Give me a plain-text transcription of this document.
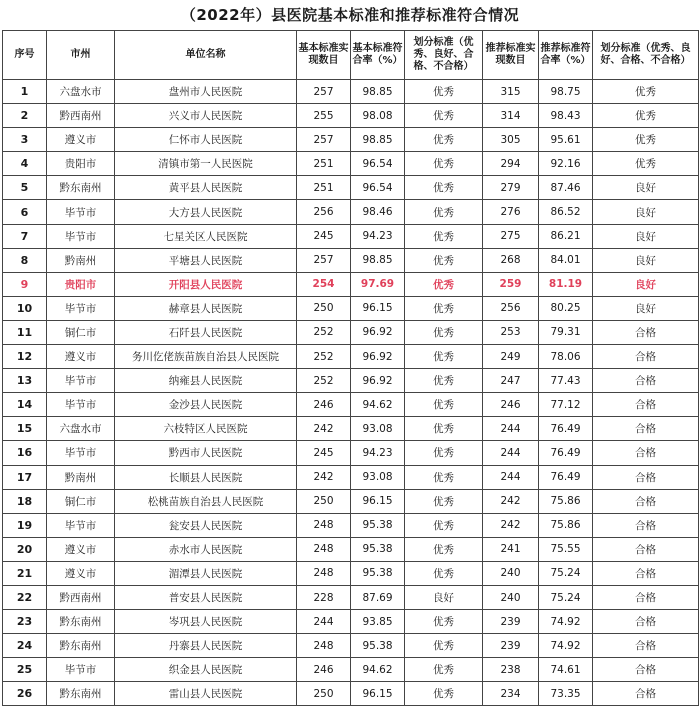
（2022年）县医院基本标准和推荐标准符合情况
序号	市州	单位名称	基本标准实现数目	基本标准符合率（%）	划分标准（优秀、良好、合格、不合格）	推荐标准实现数目	推荐标准符合率（%）	划分标准（优秀、良好、合格、不合格）
1	六盘水市	盘州市人民医院	257	98.85	优秀	315	98.75	优秀
2	黔西南州	兴义市人民医院	255	98.08	优秀	314	98.43	优秀
3	遵义市	仁怀市人民医院	257	98.85	优秀	305	95.61	优秀
4	贵阳市	清镇市第一人民医院	251	96.54	优秀	294	92.16	优秀
5	黔东南州	黄平县人民医院	251	96.54	优秀	279	87.46	良好
6	毕节市	大方县人民医院	256	98.46	优秀	276	86.52	良好
7	毕节市	七星关区人民医院	245	94.23	优秀	275	86.21	良好
8	黔南州	平塘县人民医院	257	98.85	优秀	268	84.01	良好
9	贵阳市	开阳县人民医院	254	97.69	优秀	259	81.19	良好
10	毕节市	赫章县人民医院	250	96.15	优秀	256	80.25	良好
11	铜仁市	石阡县人民医院	252	96.92	优秀	253	79.31	合格
12	遵义市	务川仡佬族苗族自治县人民医院	252	96.92	优秀	249	78.06	合格
13	毕节市	纳雍县人民医院	252	96.92	优秀	247	77.43	合格
14	毕节市	金沙县人民医院	246	94.62	优秀	246	77.12	合格
15	六盘水市	六枝特区人民医院	242	93.08	优秀	244	76.49	合格
16	毕节市	黔西市人民医院	245	94.23	优秀	244	76.49	合格
17	黔南州	长顺县人民医院	242	93.08	优秀	244	76.49	合格
18	铜仁市	松桃苗族自治县人民医院	250	96.15	优秀	242	75.86	合格
19	毕节市	瓮安县人民医院	248	95.38	优秀	242	75.86	合格
20	遵义市	赤水市人民医院	248	95.38	优秀	241	75.55	合格
21	遵义市	湄潭县人民医院	248	95.38	优秀	240	75.24	合格
22	黔西南州	普安县人民医院	228	87.69	良好	240	75.24	合格
23	黔东南州	岑巩县人民医院	244	93.85	优秀	239	74.92	合格
24	黔东南州	丹寨县人民医院	248	95.38	优秀	239	74.92	合格
25	毕节市	织金县人民医院	246	94.62	优秀	238	74.61	合格
26	黔东南州	雷山县人民医院	250	96.15	优秀	234	73.35	合格
